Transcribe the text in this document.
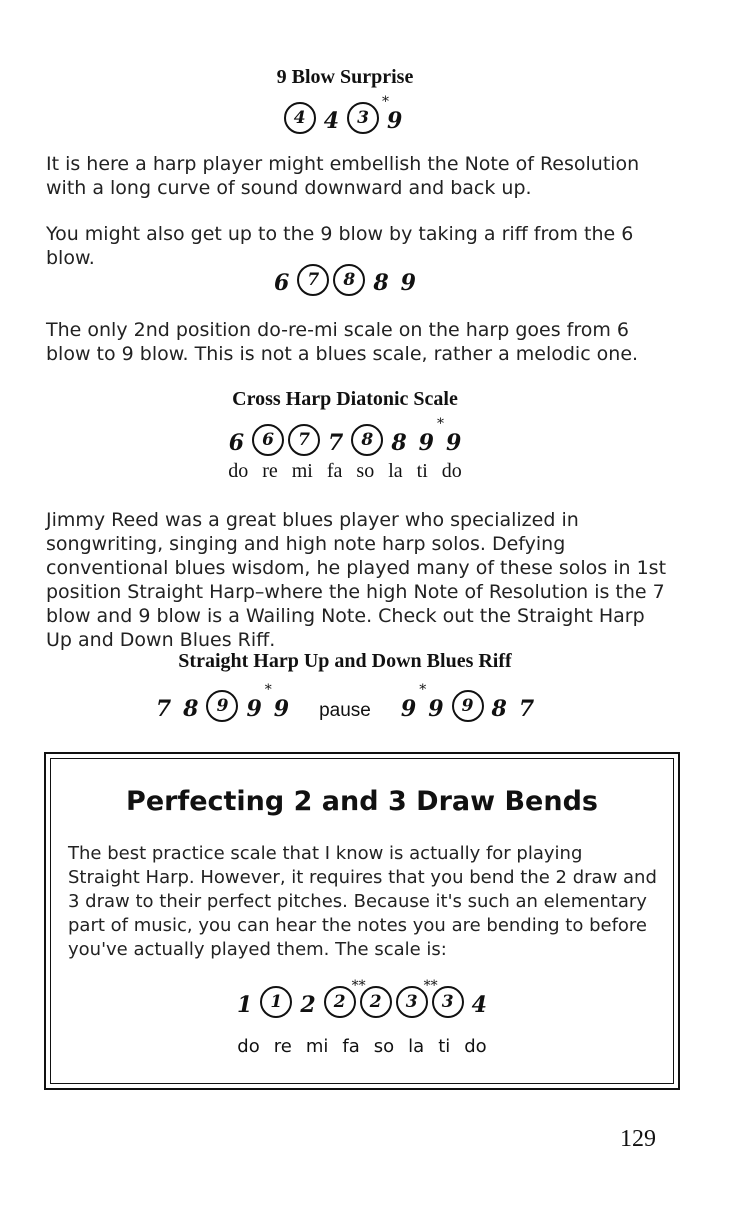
9 Blow Surprise
4 4	3
*
9
It is here a harp player might embellish the Note of Resolution with a long curve of sound downward and back up.
You might also get up to the 9 blow by taking a riff from the 6 blow.
6	7	8 8 9
The only 2nd position do-re-mi scale on the harp goes from 6 blow to 9 blow. This is not a blues scale, rather a melodic one.
Cross Harp Diatonic Scale
6	6	7 7	8 8 9
*
9
do re mi fa so la ti do
Jimmy Reed was a great blues player who specialized in songwriting, singing and high note harp solos. Defying conventional blues wisdom, he played many of these solos in 1st position Straight Harp–where the high Note of Resolution is the 7 blow and 9 blow is a Wailing Note. Check out the Straight Harp Up and Down Blues Riff.
Straight Harp Up and Down Blues Riff
7 8	9 9
*
9 pause 9
*
9	9 8 7
Perfecting 2 and 3 Draw Bends
The best practice scale that I know is actually for playing Straight Harp. However, it requires that you bend the 2 draw and 3 draw to their perfect pitches. Because it's such an elementary part of music, you can hear the notes you are bending to before you've actually played them. The scale is:
1	1 2	2
**
2	3
**
3 4
do re mi fa so la ti do
129
